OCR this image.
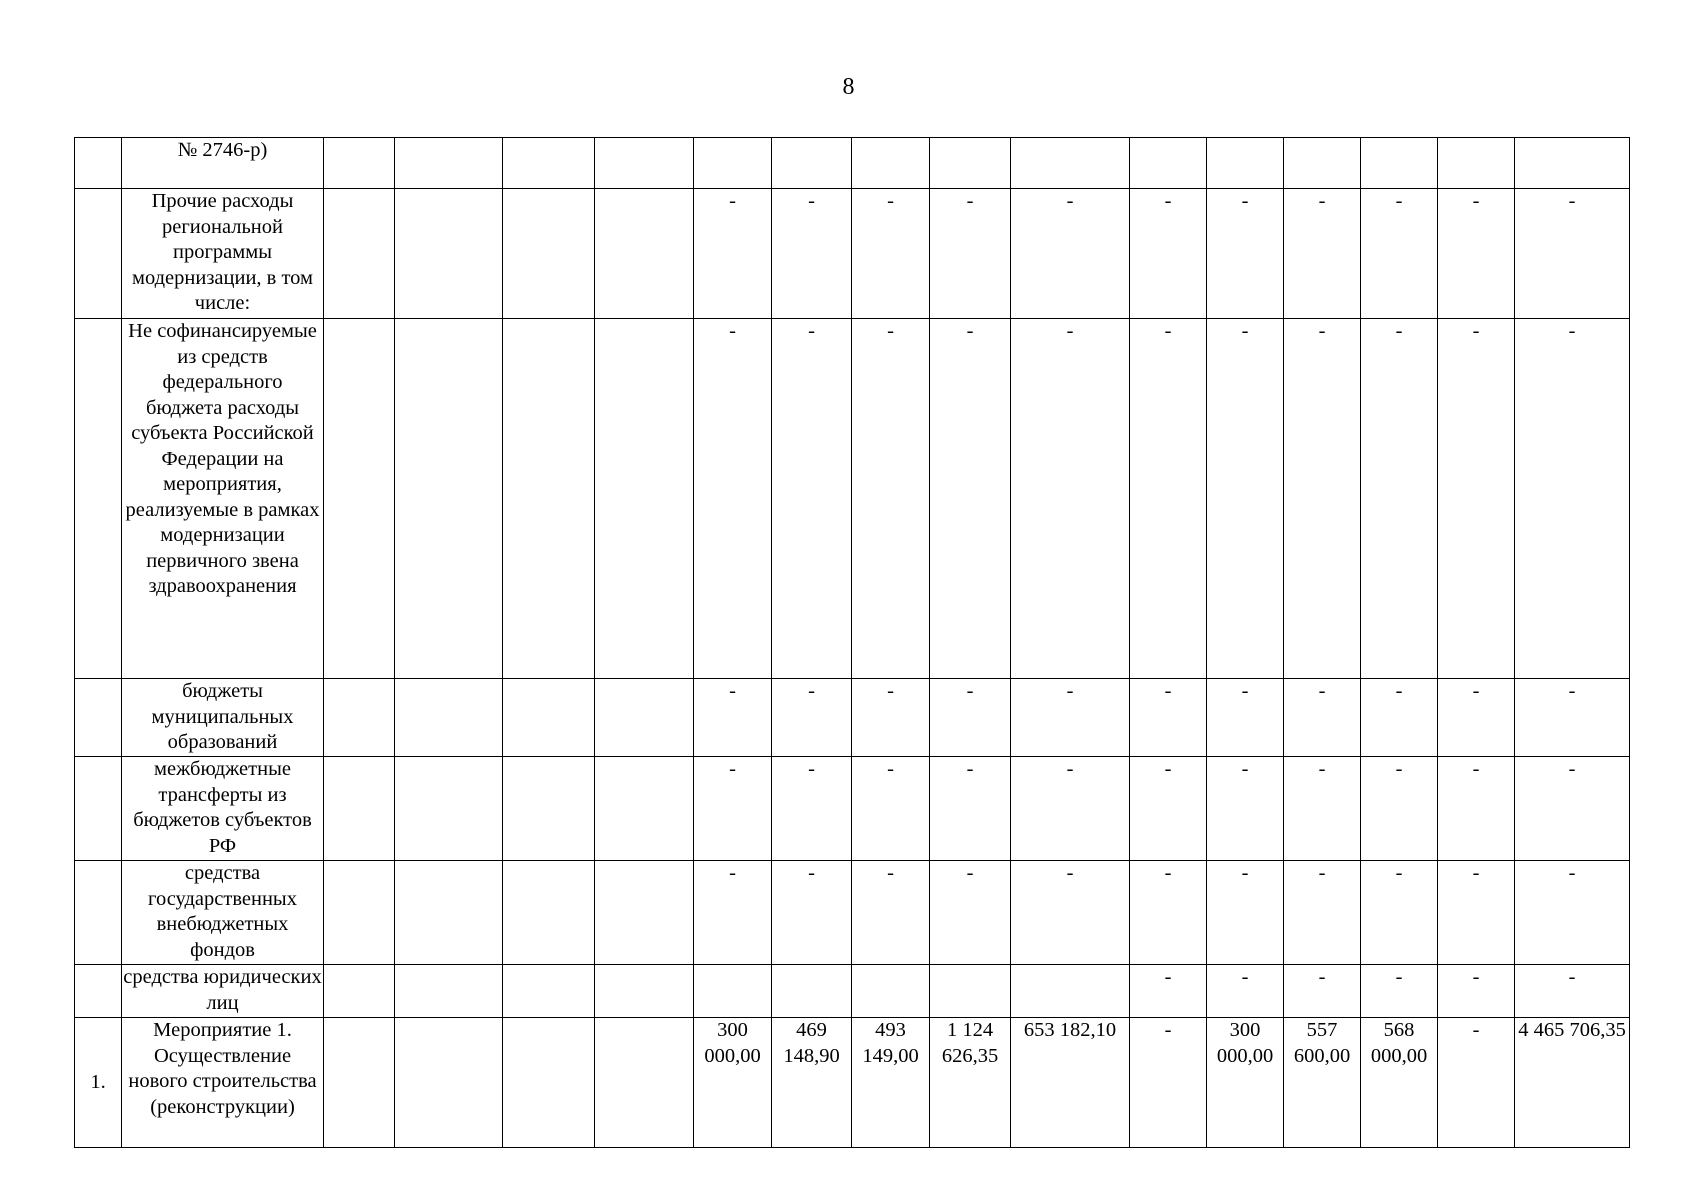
8
	№ 2746-р)															
	Прочие расходы региональной программы модернизации, в том числе:					-	-	-	-	-	-	-	-	-	-	-
	Не софинансируемые из средств федерального бюджета расходы субъекта Российской Федерации на мероприятия, реализуемые в рамках модернизации первичного звена здравоохранения					-	-	-	-	-	-	-	-	-	-	-
	бюджеты муниципальных образований					-	-	-	-	-	-	-	-	-	-	-
	межбюджетные трансферты из бюджетов субъектов РФ					-	-	-	-	-	-	-	-	-	-	-
	средства государственных внебюджетных фондов					-	-	-	-	-	-	-	-	-	-	-
	средства юридических лиц										-	-	-	-	-	-
1.	Мероприятие 1. Осуществление нового строительства (реконструкции)					300 000,00	469 148,90	493 149,00	1 124 626,35	653 182,10	-	300 000,00	557 600,00	568 000,00	-	4 465 706,35
